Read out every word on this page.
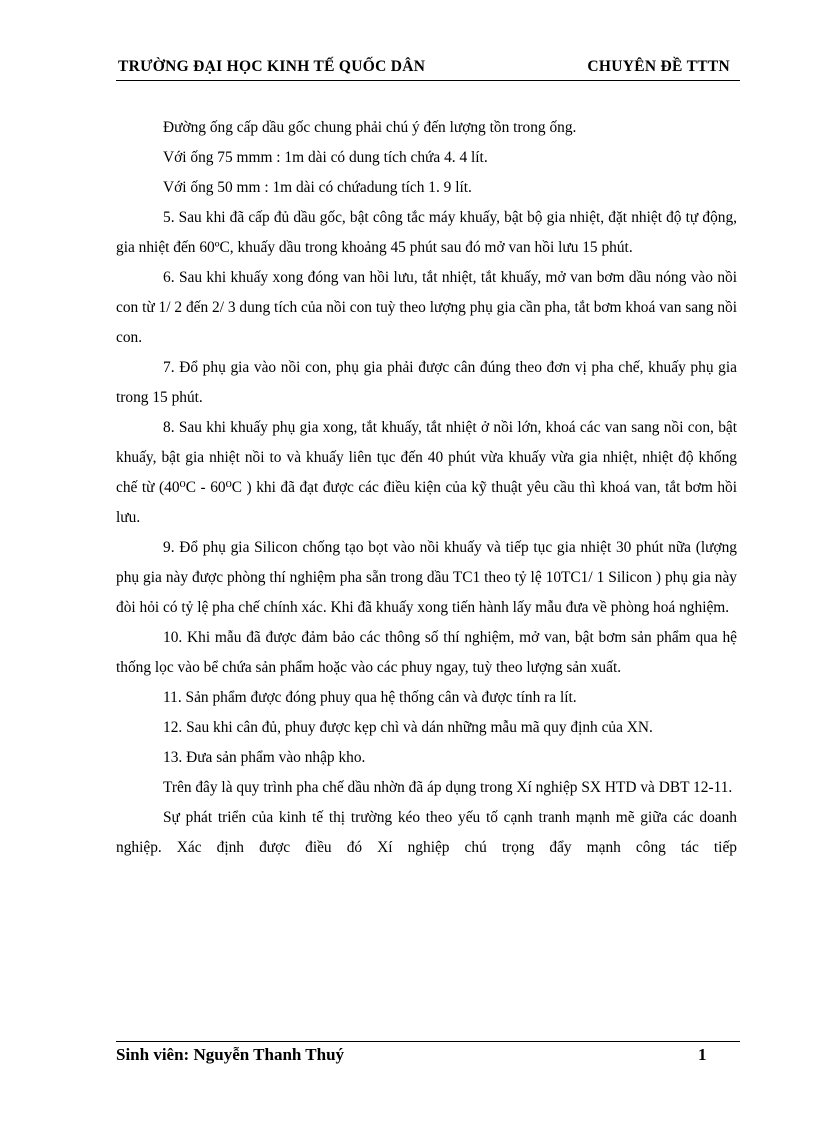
TRƯỜNG ĐẠI HỌC KINH TẾ QUỐC DÂN	CHUYÊN ĐỀ TTTN

Đường ống cấp dầu gốc chung phải chú ý đến lượng tồn trong ống.

Với ống 75 mmm : 1m dài có dung tích chứa 4. 4 lít.

Với ống 50 mm : 1m dài có chứadung tích 1. 9 lít.

5. Sau khi đã cấp đủ dầu gốc, bật công tắc máy khuấy, bật bộ gia nhiệt, đặt nhiệt độ tự động, gia nhiệt đến 60ºC, khuấy dầu trong khoảng 45 phút sau đó mở van hồi lưu 15 phút.

6. Sau khi khuấy xong đóng van hồi lưu, tắt nhiệt, tắt khuấy, mở van bơm dầu nóng vào nồi con từ 1/ 2 đến 2/ 3 dung tích của nồi con tuỳ theo lượng phụ gia cần pha, tắt bơm khoá van sang nồi con.

7. Đổ phụ gia vào nồi con, phụ gia phải được cân đúng theo đơn vị pha chế, khuấy phụ gia trong 15 phút.

8. Sau khi khuấy phụ gia xong, tắt khuấy, tắt nhiệt ở nồi lớn, khoá các van sang nồi con, bật khuấy, bật gia nhiệt nồi to và khuấy liên tục đến 40 phút vừa khuấy vừa gia nhiệt, nhiệt độ khống chế từ (40⁰C - 60⁰C ) khi đã đạt được các điều kiện của kỹ thuật yêu cầu thì khoá van, tắt bơm hồi lưu.

9. Đổ phụ gia Silicon chống tạo bọt vào nồi khuấy và tiếp tục gia nhiệt 30 phút nữa (lượng phụ gia này được phòng thí nghiệm pha sẵn trong dầu TC1 theo tỷ lệ 10TC1/ 1 Silicon ) phụ gia này đòi hỏi có tỷ lệ pha chế chính xác. Khi đã khuấy xong tiến hành lấy mẫu đưa về phòng hoá nghiệm.

10. Khi mẫu đã được đảm bảo các thông số thí nghiệm, mở van, bật bơm sản phẩm qua hệ thống lọc vào bể chứa sản phẩm hoặc vào các phuy ngay, tuỳ theo lượng sản xuất.

11. Sản phẩm được đóng phuy qua hệ thống cân và được tính ra lít.

12. Sau khi cân đủ, phuy được kẹp chì và dán những mẫu mã quy định của XN.

13. Đưa sản phẩm vào nhập kho.

Trên đây là quy trình pha chế dầu nhờn đã áp dụng trong Xí nghiệp SX HTD và DBT 12-11.

Sự phát triển của kinh tế thị trường kéo theo yếu tố cạnh tranh mạnh mẽ giữa các doanh nghiệp. Xác định được điều đó Xí nghiệp chú trọng đẩy mạnh công tác tiếp

Sinh viên: Nguyễn Thanh Thuý	1
